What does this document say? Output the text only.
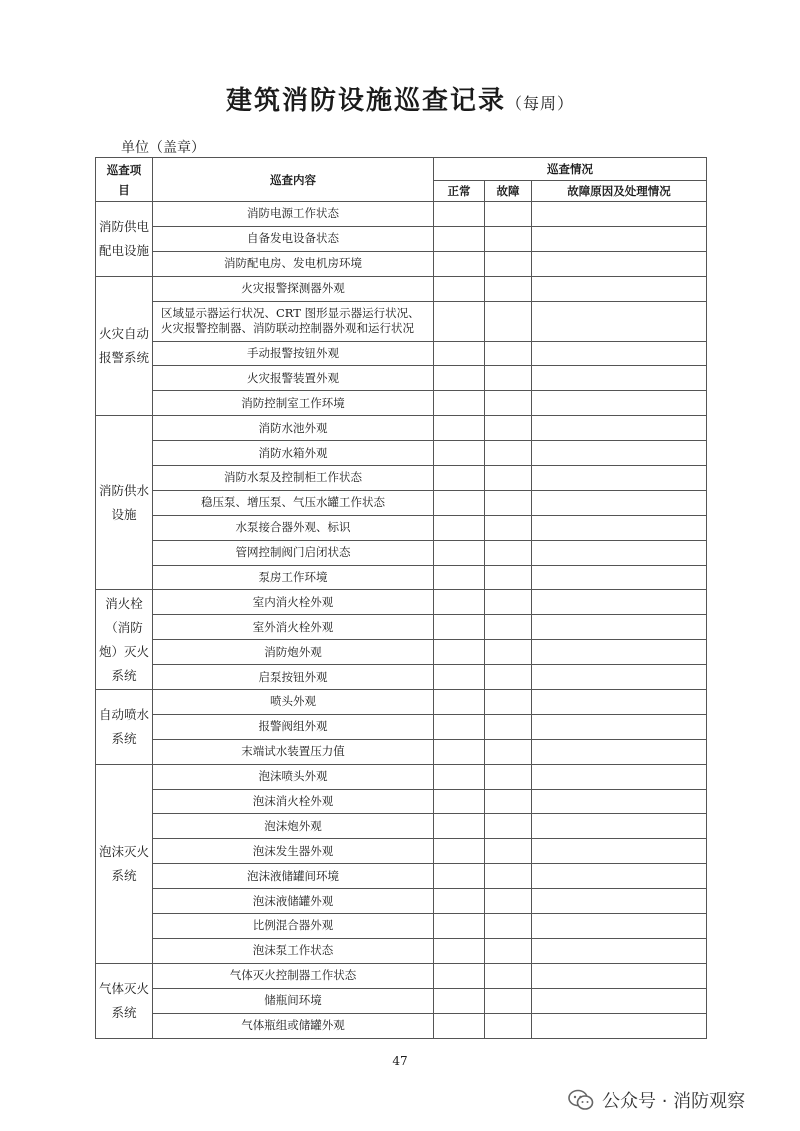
建筑消防设施巡查记录（每周）
单位（盖章）
巡查项目	巡查内容	巡查情况		
		正常	故障	故障原因及处理情况
消防供电配电设施	消防电源工作状态			
	自备发电设备状态			
	消防配电房、发电机房环境			
火灾自动报警系统	火灾报警探测器外观			
	区域显示器运行状况、CRT 图形显示器运行状况、火灾报警控制器、消防联动控制器外观和运行状况			
	手动报警按钮外观			
	火灾报警装置外观			
	消防控制室工作环境			
消防供水设施	消防水池外观			
	消防水箱外观			
	消防水泵及控制柜工作状态			
	稳压泵、增压泵、气压水罐工作状态			
	水泵接合器外观、标识			
	管网控制阀门启闭状态			
	泵房工作环境			
消火栓（消防炮）灭火系统	室内消火栓外观			
	室外消火栓外观			
	消防炮外观			
	启泵按钮外观			
自动喷水系统	喷头外观			
	报警阀组外观			
	末端试水装置压力值			
泡沫灭火系统	泡沫喷头外观			
	泡沫消火栓外观			
	泡沫炮外观			
	泡沫发生器外观			
	泡沫液储罐间环境			
	泡沫液储罐外观			
	比例混合器外观			
	泡沫泵工作状态			
气体灭火系统	气体灭火控制器工作状态			
	储瓶间环境			
	气体瓶组或储罐外观			
47
公众号 · 消防观察
